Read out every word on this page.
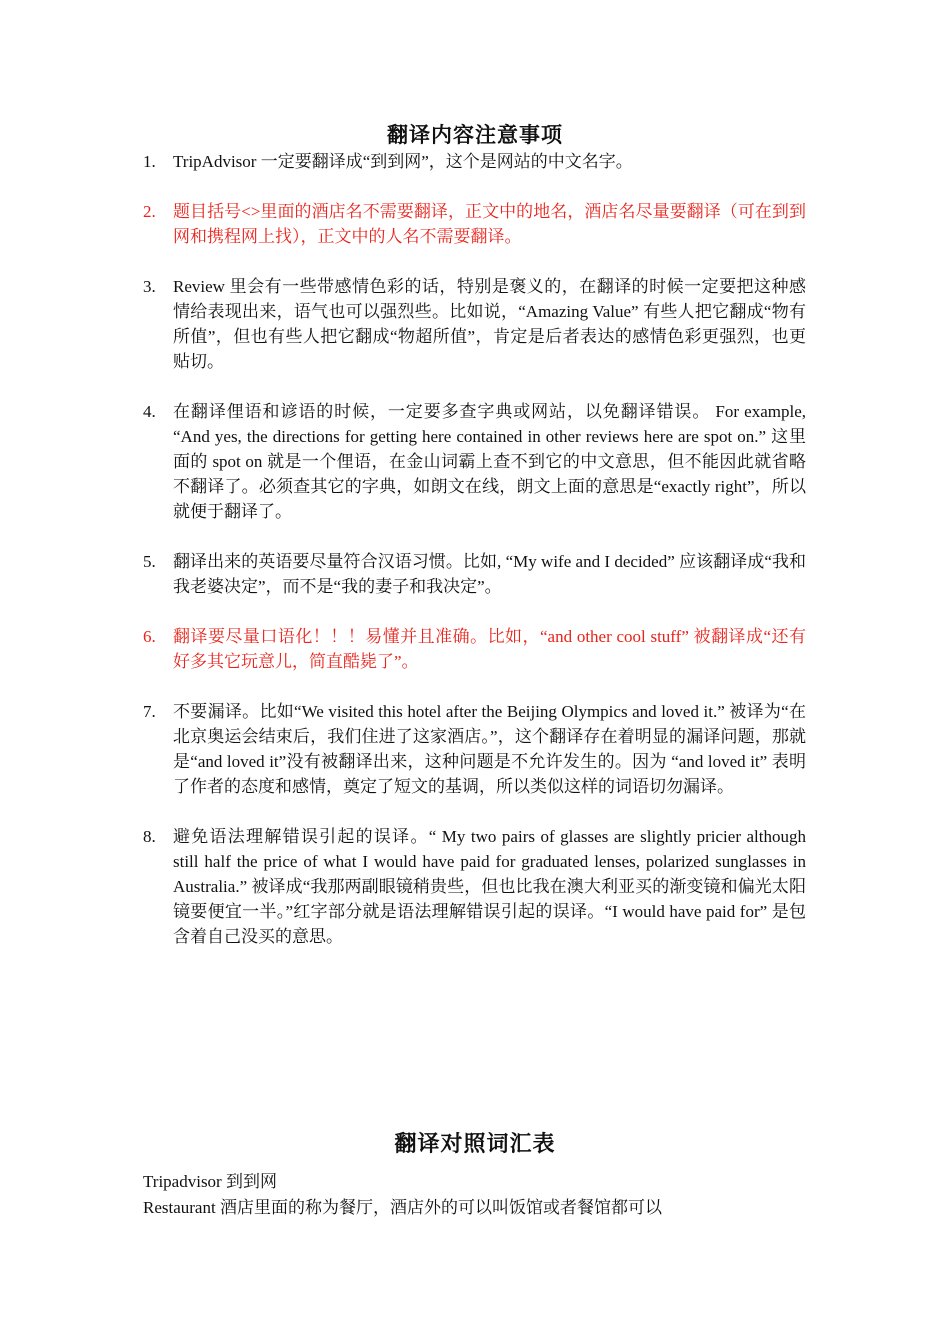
翻译内容注意事项
1.	TripAdvisor 一定要翻译成“到到网”，这个是网站的中文名字。
2.	题目括号<>里面的酒店名不需要翻译，正文中的地名，酒店名尽量要翻译（可在到到网和携程网上找），正文中的人名不需要翻译。
3.	Review 里会有一些带感情色彩的话，特别是褒义的，在翻译的时候一定要把这种感情给表现出来，语气也可以强烈些。比如说，“Amazing Value” 有些人把它翻成“物有所值”，但也有些人把它翻成“物超所值”，肯定是后者表达的感情色彩更强烈，也更贴切。
4.	在翻译俚语和谚语的时候，一定要多查字典或网站，以免翻译错误。 For example, “And yes, the directions for getting here contained in other reviews here are spot on.” 这里面的 spot on 就是一个俚语，在金山词霸上查不到它的中文意思，但不能因此就省略不翻译了。必须查其它的字典，如朗文在线，朗文上面的意思是“exactly right”，所以就便于翻译了。
5.	翻译出来的英语要尽量符合汉语习惯。比如, “My wife and I decided” 应该翻译成“我和我老婆决定”，而不是“我的妻子和我决定”。
6.	翻译要尽量口语化！！！易懂并且准确。比如，“and other cool stuff” 被翻译成“还有好多其它玩意儿，简直酷毙了”。
7.	不要漏译。比如“We visited this hotel after the Beijing Olympics and loved it.” 被译为“在北京奥运会结束后，我们住进了这家酒店。”，这个翻译存在着明显的漏译问题，那就是“and loved it”没有被翻译出来，这种问题是不允许发生的。因为 “and loved it” 表明了作者的态度和感情，奠定了短文的基调，所以类似这样的词语切勿漏译。
8.	避免语法理解错误引起的误译。“ My two pairs of glasses are slightly pricier although still half the price of what I would have paid for graduated lenses, polarized sunglasses in Australia.” 被译成“我那两副眼镜稍贵些，但也比我在澳大利亚买的渐变镜和偏光太阳镜要便宜一半。”红字部分就是语法理解错误引起的误译。“I would have paid for” 是包含着自己没买的意思。
翻译对照词汇表
Tripadvisor 到到网
Restaurant 酒店里面的称为餐厅，酒店外的可以叫饭馆或者餐馆都可以
